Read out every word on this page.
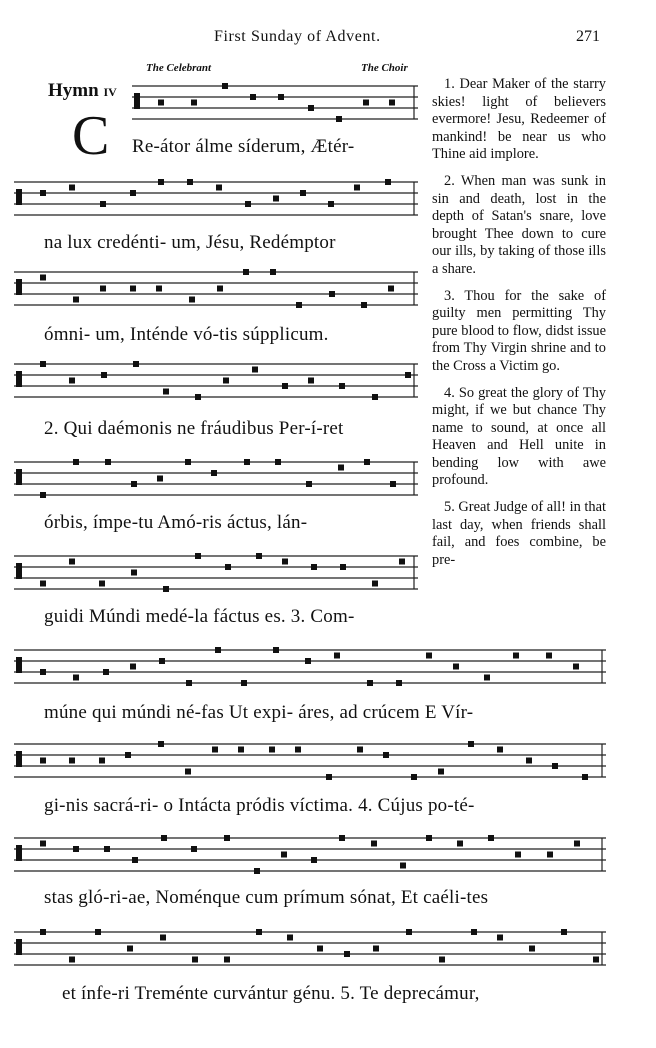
First Sunday of Advent.	271
Hymn IV
C
The Celebrant	The Choir
Re-átor álme síderum, Ætér-
na lux credénti- um, Jésu, Redémptor
ómni- um, Inténde vó-tis súpplicum.
2. Qui daémonis ne fráudibus Per-í-ret
órbis, ímpe-tu Amó-ris áctus, lán-
guidi Múndi medé-la fáctus es. 3. Com-
múne qui múndi né-fas Ut expi- áres, ad crúcem E Vír-
gi-nis sacrá-ri- o Intácta pródis víctima. 4. Cújus po-té-
stas gló-ri-ae, Noménque cum prímum sónat, Et caéli-tes
et ínfe-ri Treménte curvántur génu. 5. Te deprecámur,

1. Dear Maker of the starry skies! light of believers evermore! Jesu, Redeemer of mankind! be near us who Thine aid implore.

2. When man was sunk in sin and death, lost in the depth of Satan's snare, love brought Thee down to cure our ills, by taking of those ills a share.

3. Thou for the sake of guilty men permitting Thy pure blood to flow, didst issue from Thy Virgin shrine and to the Cross a Victim go.

4. So great the glory of Thy might, if we but chance Thy name to sound, at once all Heaven and Hell unite in bending low with awe profound.

5. Great Judge of all! in that last day, when friends shall fail, and foes combine, be pre-
